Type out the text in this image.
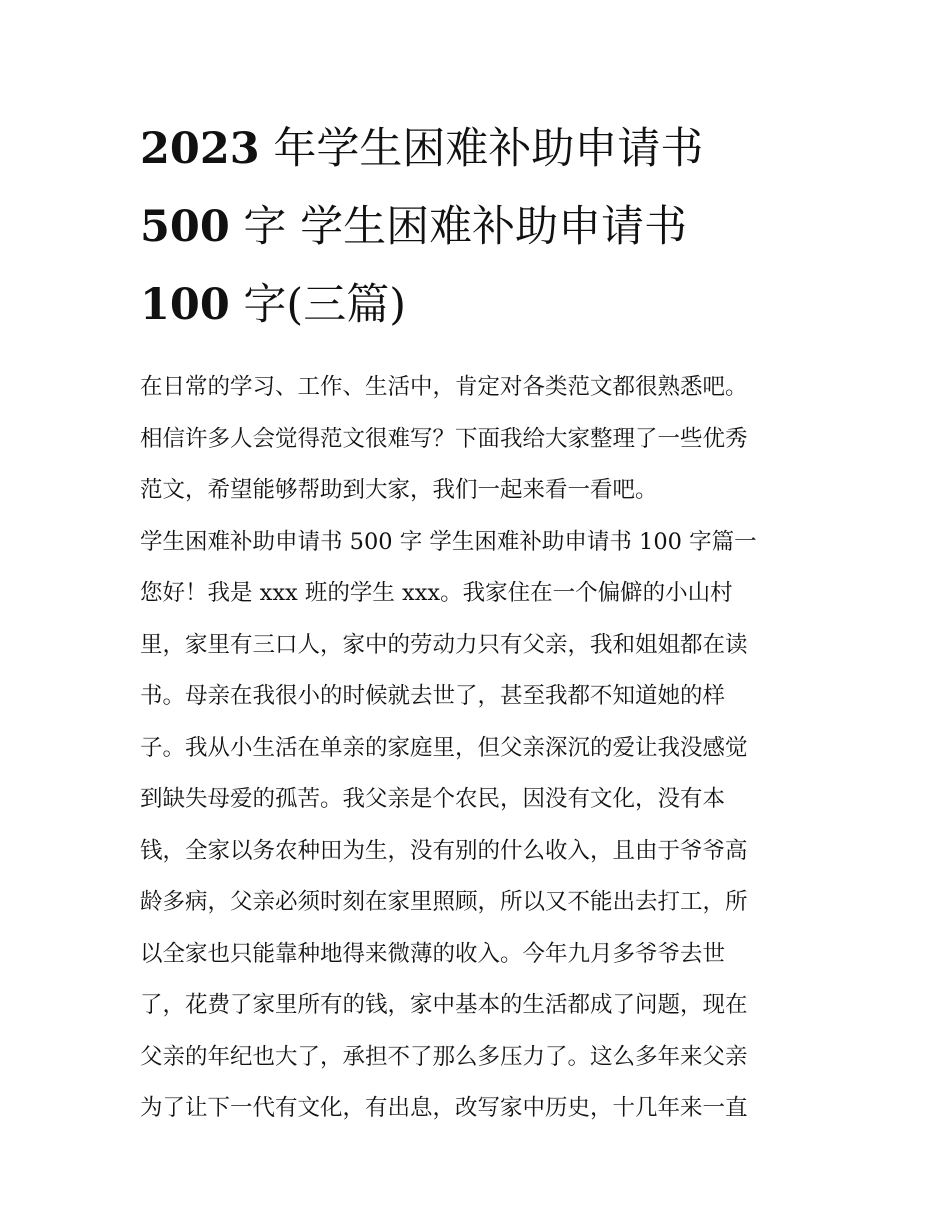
2023 年学生困难补助申请书
500 字 学生困难补助申请书
100 字(三篇)
在日常的学习、工作、生活中，肯定对各类范文都很熟悉吧。
相信许多人会觉得范文很难写？下面我给大家整理了一些优秀
范文，希望能够帮助到大家，我们一起来看一看吧。
学生困难补助申请书 500 字 学生困难补助申请书 100 字篇一
您好！我是 xxx 班的学生 xxx。我家住在一个偏僻的小山村
里，家里有三口人，家中的劳动力只有父亲，我和姐姐都在读
书。母亲在我很小的时候就去世了，甚至我都不知道她的样
子。我从小生活在单亲的家庭里，但父亲深沉的爱让我没感觉
到缺失母爱的孤苦。我父亲是个农民，因没有文化，没有本
钱，全家以务农种田为生，没有别的什么收入，且由于爷爷高
龄多病，父亲必须时刻在家里照顾，所以又不能出去打工，所
以全家也只能靠种地得来微薄的收入。今年九月多爷爷去世
了，花费了家里所有的钱，家中基本的生活都成了问题，现在
父亲的年纪也大了，承担不了那么多压力了。这么多年来父亲
为了让下一代有文化，有出息，改写家中历史，十几年来一直
